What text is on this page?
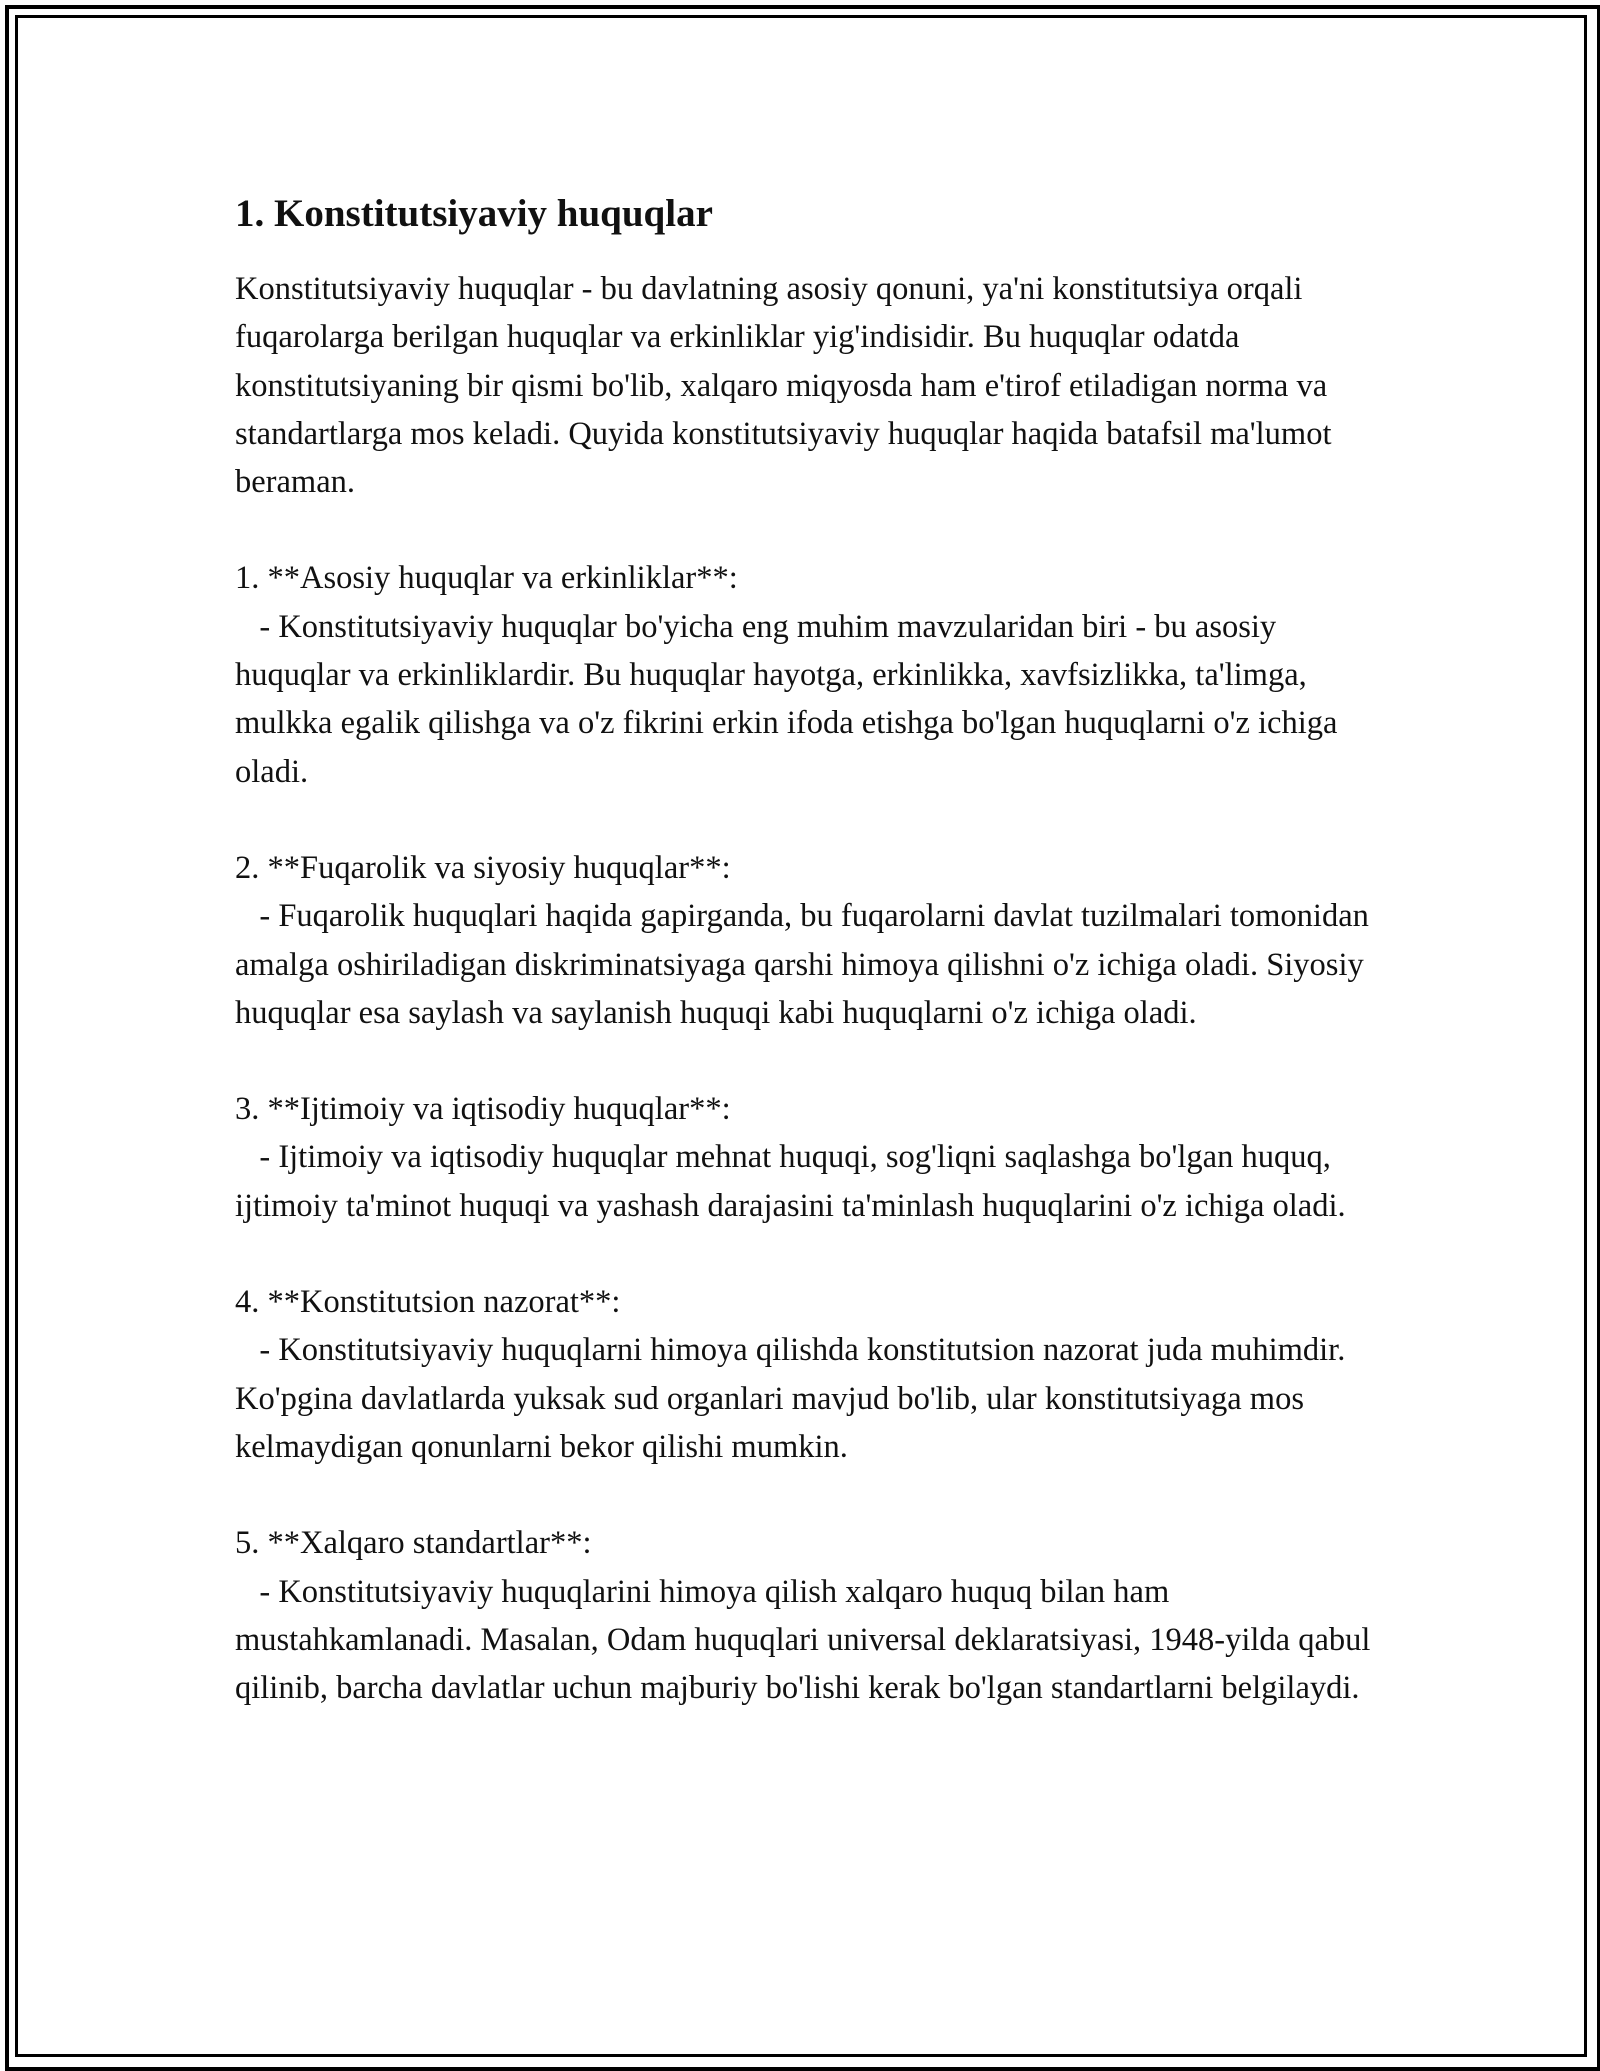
1. Konstitutsiyaviy huquqlar

Konstitutsiyaviy huquqlar - bu davlatning asosiy qonuni, ya'ni konstitutsiya orqali fuqarolarga berilgan huquqlar va erkinliklar yig'indisidir. Bu huquqlar odatda konstitutsiyaning bir qismi bo'lib, xalqaro miqyosda ham e'tirof etiladigan norma va standartlarga mos keladi. Quyida konstitutsiyaviy huquqlar haqida batafsil ma'lumot beraman.

1. **Asosiy huquqlar va erkinliklar**:

- Konstitutsiyaviy huquqlar bo'yicha eng muhim mavzularidan biri - bu asosiy huquqlar va erkinliklardir. Bu huquqlar hayotga, erkinlikka, xavfsizlikka, ta'limga, mulkka egalik qilishga va o'z fikrini erkin ifoda etishga bo'lgan huquqlarni o'z ichiga oladi.

2. **Fuqarolik va siyosiy huquqlar**:

- Fuqarolik huquqlari haqida gapirganda, bu fuqarolarni davlat tuzilmalari tomonidan amalga oshiriladigan diskriminatsiyaga qarshi himoya qilishni o'z ichiga oladi. Siyosiy huquqlar esa saylash va saylanish huquqi kabi huquqlarni o'z ichiga oladi.

3. **Ijtimoiy va iqtisodiy huquqlar**:

- Ijtimoiy va iqtisodiy huquqlar mehnat huquqi, sog'liqni saqlashga bo'lgan huquq, ijtimoiy ta'minot huquqi va yashash darajasini ta'minlash huquqlarini o'z ichiga oladi.

4. **Konstitutsion nazorat**:

- Konstitutsiyaviy huquqlarni himoya qilishda konstitutsion nazorat juda muhimdir. Ko'pgina davlatlarda yuksak sud organlari mavjud bo'lib, ular konstitutsiyaga mos kelmaydigan qonunlarni bekor qilishi mumkin.

5. **Xalqaro standartlar**:

- Konstitutsiyaviy huquqlarini himoya qilish xalqaro huquq bilan ham mustahkamlanadi. Masalan, Odam huquqlari universal deklaratsiyasi, 1948-yilda qabul qilinib, barcha davlatlar uchun majburiy bo'lishi kerak bo'lgan standartlarni belgilaydi.
